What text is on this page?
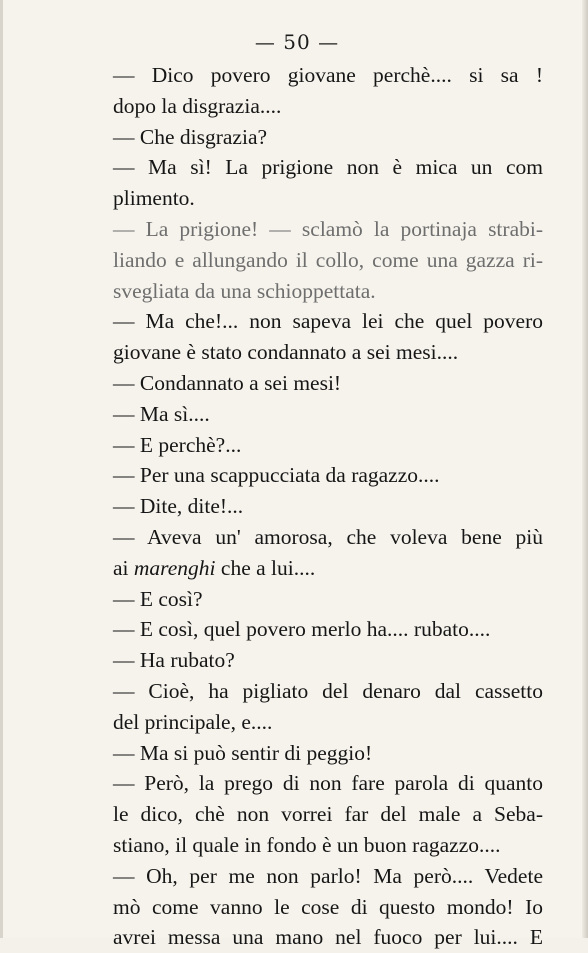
— 50 —

— Dico povero giovane perchè.... si sa !
dopo la disgrazia....

— Che disgrazia?

— Ma sì! La prigione non è mica un com
plimento.

— La prigione! — sclamò la portinaja strabi-
liando e allungando il collo, come una gazza ri-
svegliata da una schioppettata.

— Ma che!... non sapeva lei che quel povero
giovane è stato condannato a sei mesi....

— Condannato a sei mesi!

— Ma sì....

— E perchè?...

— Per una scappucciata da ragazzo....

— Dite, dite!...

— Aveva un' amorosa, che voleva bene più
ai marenghi che a lui....

— E così?

— E così, quel povero merlo ha.... rubato....

— Ha rubato?

— Cioè, ha pigliato del denaro dal cassetto
del principale, e....

— Ma si può sentir di peggio!

— Però, la prego di non fare parola di quanto
le dico, chè non vorrei far del male a Seba-
stiano, il quale in fondo è un buon ragazzo....

— Oh, per me non parlo! Ma però.... Vedete
mò come vanno le cose di questo mondo! Io
avrei messa una mano nel fuoco per lui.... E
